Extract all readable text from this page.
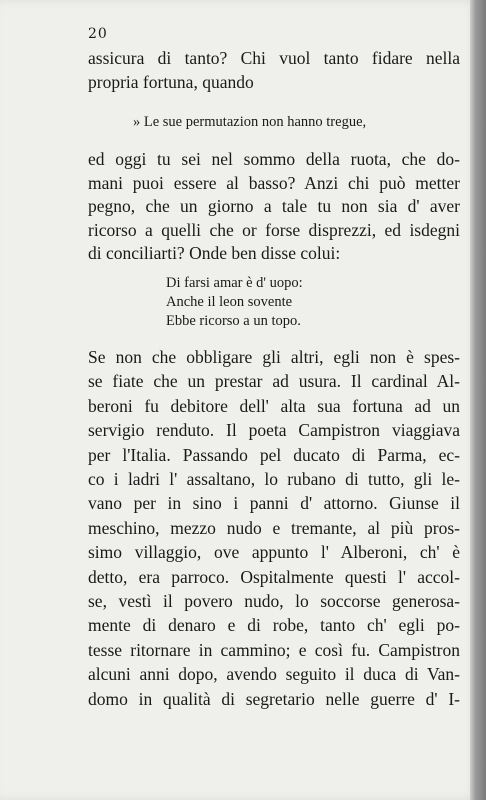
20
assicura di tanto? Chi vuol tanto fidare nella
propria fortuna, quando
» Le sue permutazion non hanno tregue,
ed oggi tu sei nel sommo della ruota, che do-
mani puoi essere al basso? Anzi chi può metter
pegno, che un giorno a tale tu non sia d' aver
ricorso a quelli che or forse disprezzi, ed isdegni
di conciliarti? Onde ben disse colui:
Di farsi amar è d' uopo:
Anche il leon sovente
Ebbe ricorso a un topo.
Se non che obbligare gli altri, egli non è spes-
se fiate che un prestar ad usura. Il cardinal Al-
beroni fu debitore dell' alta sua fortuna ad un
servigio renduto. Il poeta Campistron viaggiava
per l'Italia. Passando pel ducato di Parma, ec-
co i ladri l' assaltano, lo rubano di tutto, gli le-
vano per in sino i panni d' attorno. Giunse il
meschino, mezzo nudo e tremante, al più pros-
simo villaggio, ove appunto l' Alberoni, ch' è
detto, era parroco. Ospitalmente questi l' accol-
se, vestì il povero nudo, lo soccorse generosa-
mente di denaro e di robe, tanto ch' egli po-
tesse ritornare in cammino; e così fu. Campistron
alcuni anni dopo, avendo seguito il duca di Van-
domo in qualità di segretario nelle guerre d' I-
